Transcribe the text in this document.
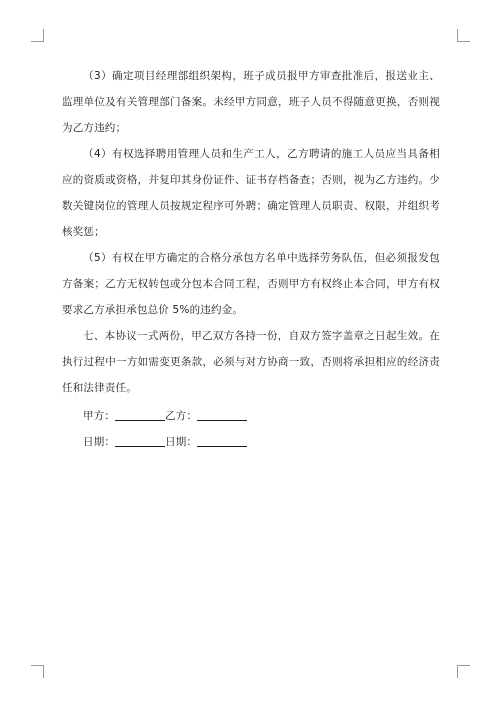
（3）确定项目经理部组织架构，班子成员报甲方审查批准后，报送业主、监理单位及有关管理部门备案。未经甲方同意，班子人员不得随意更换，否则视为乙方违约；

（4）有权选择聘用管理人员和生产工人，乙方聘请的施工人员应当具备相应的资质或资格，并复印其身份证件、证书存档备查；否则，视为乙方违约。少数关键岗位的管理人员按规定程序可外聘；确定管理人员职责、权限，并组织考核奖惩；

（5）有权在甲方确定的合格分承包方名单中选择劳务队伍，但必须报发包方备案；乙方无权转包或分包本合同工程，否则甲方有权终止本合同，甲方有权要求乙方承担承包总价 5%的违约金。

七、本协议一式两份，甲乙双方各持一份，自双方签字盖章之日起生效。在执行过程中一方如需变更条款，必须与对方协商一致，否则将承担相应的经济责任和法律责任。

甲方：	乙方：
日期：	日期：
